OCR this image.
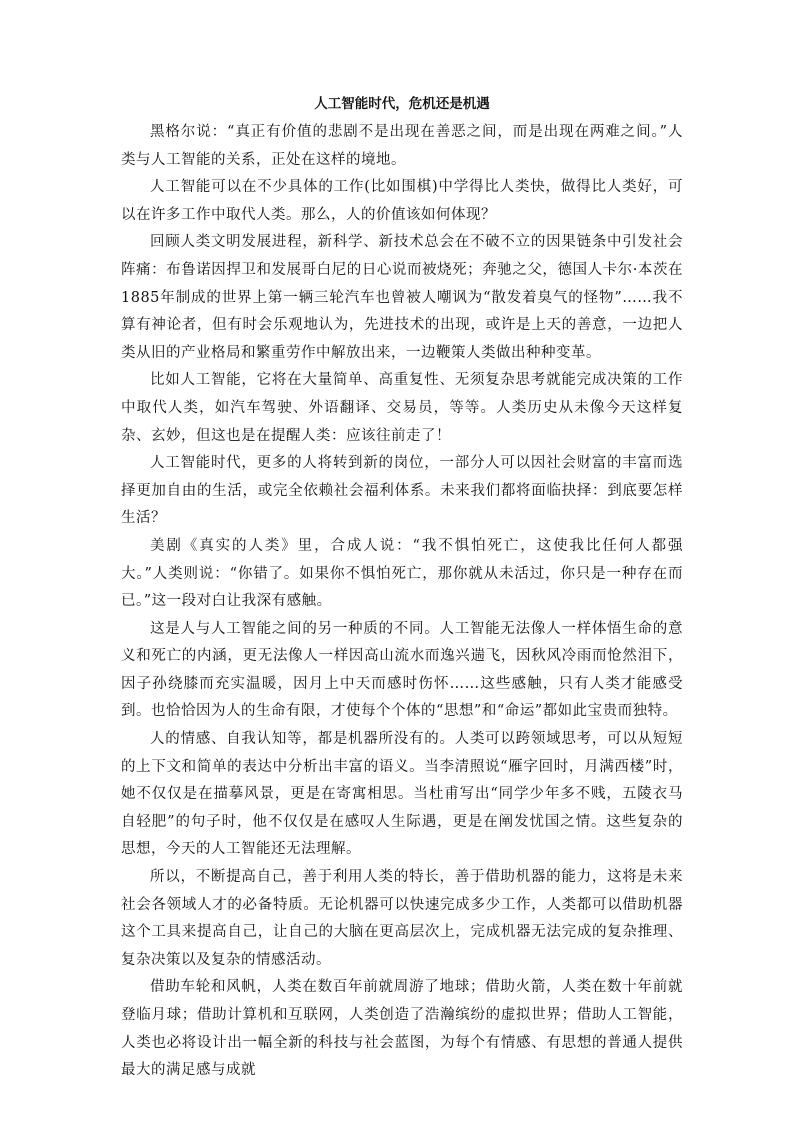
人工智能时代，危机还是机遇

黑格尔说：“真正有价值的悲剧不是出现在善恶之间，而是出现在两难之间。”人类与人工智能的关系，正处在这样的境地。

人工智能可以在不少具体的工作(比如围棋)中学得比人类快，做得比人类好，可以在许多工作中取代人类。那么，人的价值该如何体现？

回顾人类文明发展进程，新科学、新技术总会在不破不立的因果链条中引发社会阵痛：布鲁诺因捍卫和发展哥白尼的日心说而被烧死；奔驰之父，德国人卡尔·本茨在1885年制成的世界上第一辆三轮汽车也曾被人嘲讽为“散发着臭气的怪物”……我不算有神论者，但有时会乐观地认为，先进技术的出现，或许是上天的善意，一边把人类从旧的产业格局和繁重劳作中解放出来，一边鞭策人类做出种种变革。

比如人工智能，它将在大量简单、高重复性、无须复杂思考就能完成决策的工作中取代人类，如汽车驾驶、外语翻译、交易员，等等。人类历史从未像今天这样复杂、玄妙，但这也是在提醒人类：应该往前走了！

人工智能时代，更多的人将转到新的岗位，一部分人可以因社会财富的丰富而选择更加自由的生活，或完全依赖社会福利体系。未来我们都将面临抉择：到底要怎样生活？

美剧《真实的人类》里，合成人说：“我不惧怕死亡，这使我比任何人都强大。”人类则说：“你错了。如果你不惧怕死亡，那你就从未活过，你只是一种存在而已。”这一段对白让我深有感触。

这是人与人工智能之间的另一种质的不同。人工智能无法像人一样体悟生命的意义和死亡的内涵，更无法像人一样因高山流水而逸兴遄飞，因秋风冷雨而怆然泪下，因子孙绕膝而充实温暖，因月上中天而感时伤怀……这些感触，只有人类才能感受到。也恰恰因为人的生命有限，才使每个个体的“思想”和“命运”都如此宝贵而独特。

人的情感、自我认知等，都是机器所没有的。人类可以跨领域思考，可以从短短的上下文和简单的表达中分析出丰富的语义。当李清照说“雁字回时，月满西楼”时，她不仅仅是在描摹风景，更是在寄寓相思。当杜甫写出“同学少年多不贱，五陵衣马自轻肥”的句子时，他不仅仅是在感叹人生际遇，更是在阐发忧国之情。这些复杂的思想，今天的人工智能还无法理解。

所以，不断提高自己，善于利用人类的特长，善于借助机器的能力，这将是未来社会各领域人才的必备特质。无论机器可以快速完成多少工作，人类都可以借助机器这个工具来提高自己，让自己的大脑在更高层次上，完成机器无法完成的复杂推理、复杂决策以及复杂的情感活动。

借助车轮和风帆，人类在数百年前就周游了地球；借助火箭，人类在数十年前就登临月球；借助计算机和互联网，人类创造了浩瀚缤纷的虚拟世界；借助人工智能，人类也必将设计出一幅全新的科技与社会蓝图，为每个有情感、有思想的普通人提供最大的满足感与成就
